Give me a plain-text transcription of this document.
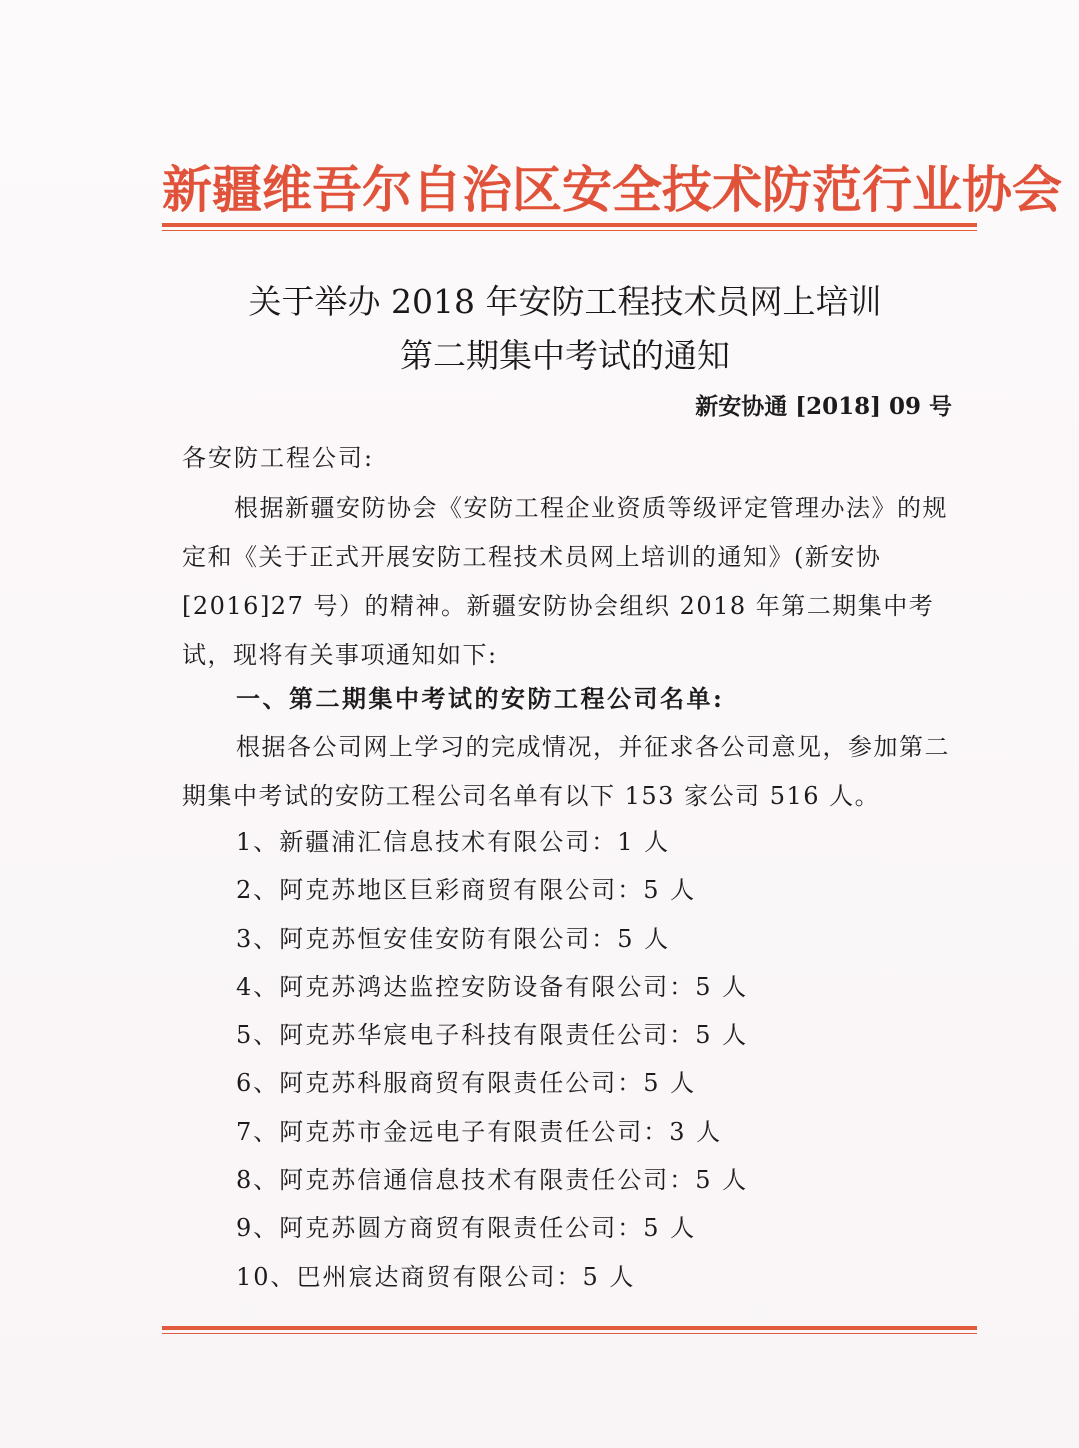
新疆维吾尔自治区安全技术防范行业协会
关于举办 2018 年安防工程技术员网上培训
第二期集中考试的通知
新安协通 [2018] 09 号
各安防工程公司:
根据新疆安防协会《安防工程企业资质等级评定管理办法》的规定和《关于正式开展安防工程技术员网上培训的通知》(新安协[2016]27 号）的精神。新疆安防协会组织 2018 年第二期集中考试，现将有关事项通知如下:
一、第二期集中考试的安防工程公司名单:
根据各公司网上学习的完成情况，并征求各公司意见，参加第二期集中考试的安防工程公司名单有以下 153 家公司 516 人。
1、新疆浦汇信息技术有限公司：1 人
2、阿克苏地区巨彩商贸有限公司：5 人
3、阿克苏恒安佳安防有限公司：5 人
4、阿克苏鸿达监控安防设备有限公司：5 人
5、阿克苏华宸电子科技有限责任公司：5 人
6、阿克苏科服商贸有限责任公司：5 人
7、阿克苏市金远电子有限责任公司：3 人
8、阿克苏信通信息技术有限责任公司：5 人
9、阿克苏圆方商贸有限责任公司：5 人
10、巴州宸达商贸有限公司：5 人
